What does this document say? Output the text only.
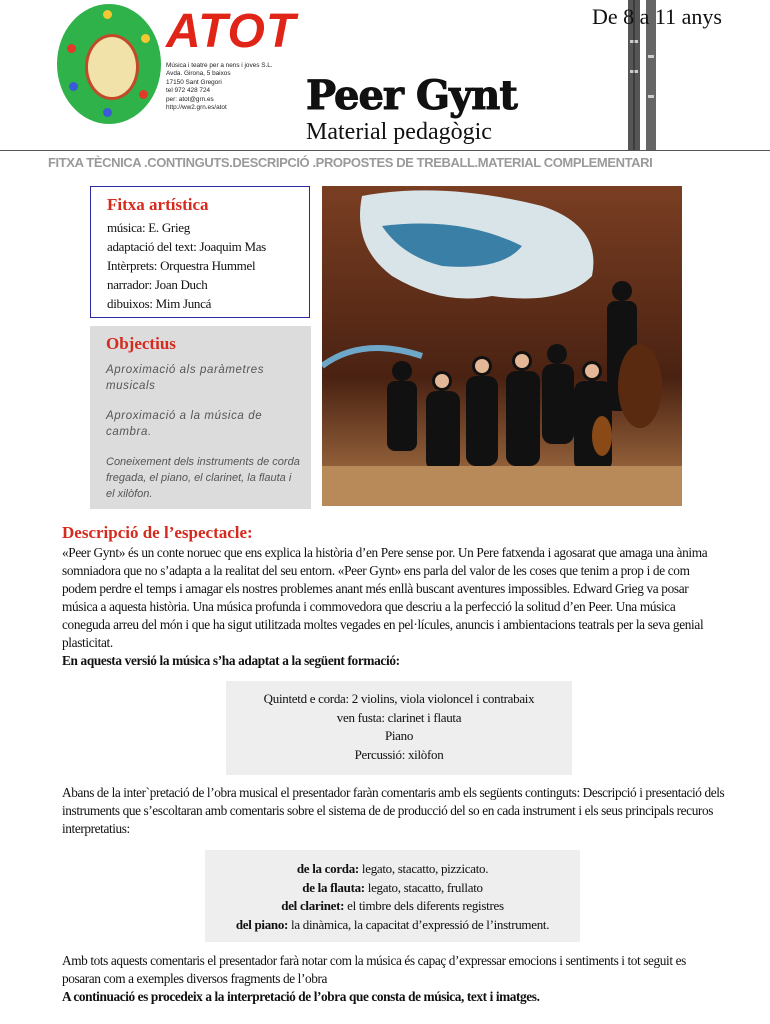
ATOT
Música i teatre per a nens i joves S.L.
Avda. Girona, 5 baixos
17150 Sant Gregori
tel 972 428 724
per: atot@grn.es
http://ww2.grn.es/atot
De 8 a 11 anys
Peer Gynt
Material pedagògic
FITXA TÈCNICA .CONTINGUTS.DESCRIPCIÓ .PROPOSTES DE TREBALL.MATERIAL COMPLEMENTARI
Fitxa artística
música: E. Grieg
adaptació del text: Joaquim Mas
Intèrprets: Orquestra Hummel
narrador: Joan Duch
dibuixos: Mim Juncá
Objectius
Aproximació als paràmetres musicals
Aproximació a la música de cambra.
Coneixement dels instruments de corda fregada, el piano, el clarinet, la flauta i el xilòfon.
Descripció de l’espectacle:

«Peer Gynt» és un conte noruec que ens explica la història d’en Pere sense por. Un Pere fatxenda i agosarat que amaga una ànima somniadora que no s’adapta a la realitat del seu entorn. «Peer Gynt» ens parla del valor de les coses que tenim a prop i de com podem perdre el temps i amagar els nostres problemes anant més enllà buscant aventures impossibles. Edward Grieg va posar música a aquesta història. Una música profunda i commovedora que descriu a la perfecció la solitud d’en Peer. Una música coneguda arreu del món i que ha sigut utilitzada moltes vegades en pel·lícules, anuncis i ambientacions teatrals per la seva genial plasticitat.

En aquesta versió la música s’ha adaptat a la següent formació:

Quintetd e corda: 2 violins, viola violoncel i contrabaix
ven fusta: clarinet i flauta
Piano
Percussió: xilòfon
Abans de la inter`pretació de l’obra musical el presentador faràn comentaris amb els següents continguts: Descripció i presentació dels instruments que s’escoltaran amb comentaris sobre el sistema de de producció del so en cada instrument i els seus principals recuros interpretatius:
de la corda: legato, stacatto, pizzicato.
de la flauta: legato, stacatto, frullato
del clarinet: el timbre dels diferents registres
del piano: la dinàmica, la capacitat d’expressió de l’instrument.
Amb tots aquests comentaris el presentador farà notar com la música és capaç d’expressar emocions i sentiments i tot seguit es posaran com a exemples diversos fragments de l’obra
A continuació es procedeix a la interpretació de l’obra que consta de música, text i imatges.
